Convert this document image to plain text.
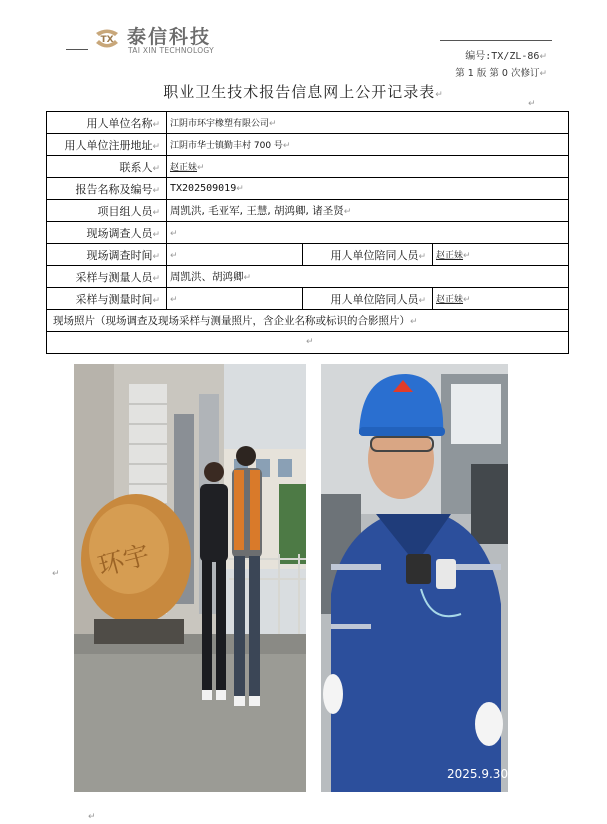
TX 泰信科技
TAI XIN TECHNOLOGY
编号:TX/ZL-86↵
第 1 版 第 0 次修订↵
职业卫生技术报告信息网上公开记录表↵
↵
用人单位名称↵	江阴市环宇橡塑有限公司↵		
用人单位注册地址↵	江阴市华士镇勤丰村 700 号↵		
联系人↵	赵正妹↵		
报告名称及编号↵	TX202509019↵		
项目组人员↵	周凯洪, 毛亚军, 王慧, 胡鸿卿, 诸圣贤↵		
现场调查人员↵	↵		
现场调查时间↵	↵	用人单位陪同人员↵	赵正妹↵
采样与测量人员↵	周凯洪、胡鸿卿↵		
采样与测量时间↵	↵	用人单位陪同人员↵	赵正妹↵
现场照片（现场调查及现场采样与测量照片，含企业名称或标识的合影照片）↵			

↵
↵ 环宇
2025.9.30
↵
